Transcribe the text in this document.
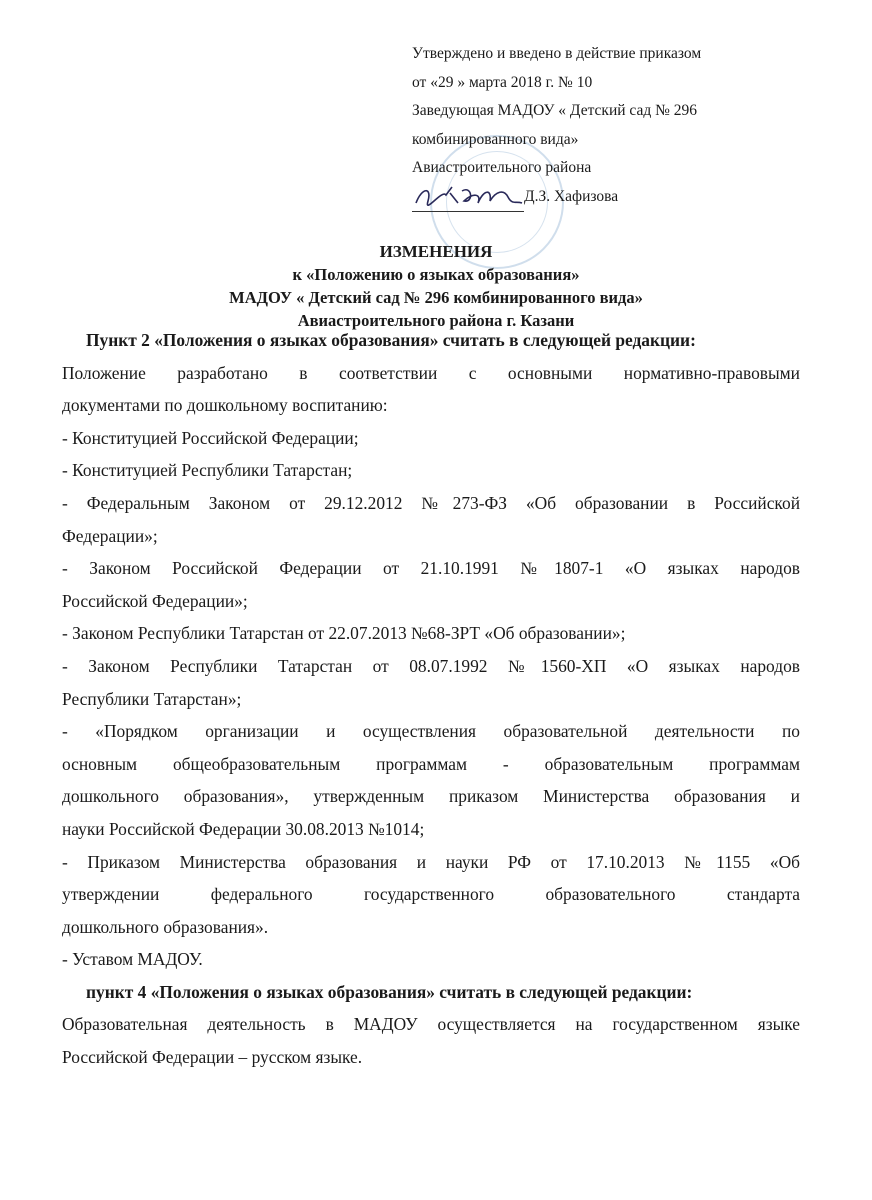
Утверждено и введено в действие приказом
от «29 » марта 2018 г. № 10
Заведующая МАДОУ « Детский сад № 296
комбинированного вида»
Авиастроительного района
Д.З. Хафизова
ИЗМЕНЕНИЯ
к «Положению о языках образования»
МАДОУ « Детский сад № 296 комбинированного вида»
Авиастроительного района г. Казани
Пункт 2 «Положения о языках образования» считать в следующей редакции:
Положение разработано в соответствии с основными нормативно-правовыми
документами по дошкольному воспитанию:
- Конституцией Российской Федерации;
- Конституцией Республики Татарстан;
- Федеральным Законом от 29.12.2012 №273-ФЗ «Об образовании в Российской
Федерации»;
- Законом Российской Федерации от 21.10.1991 №1807-1 «О языках народов
Российской Федерации»;
- Законом Республики Татарстан от 22.07.2013 №68-ЗРТ «Об образовании»;
- Законом Республики Татарстан от 08.07.1992 №1560-ХП «О языках народов
Республики Татарстан»;
- «Порядком организации и осуществления образовательной деятельности по
основным общеобразовательным программам - образовательным программам
дошкольного образования», утвержденным приказом Министерства образования и
науки Российской Федерации 30.08.2013 №1014;
- Приказом Министерства образования и науки РФ от 17.10.2013 №1155 «Об
утверждении федерального государственного образовательного стандарта
дошкольного образования».
- Уставом МАДОУ.
пункт 4 «Положения о языках образования» считать в следующей редакции:
Образовательная деятельность в МАДОУ осуществляется на государственном языке
Российской Федерации – русском языке.
